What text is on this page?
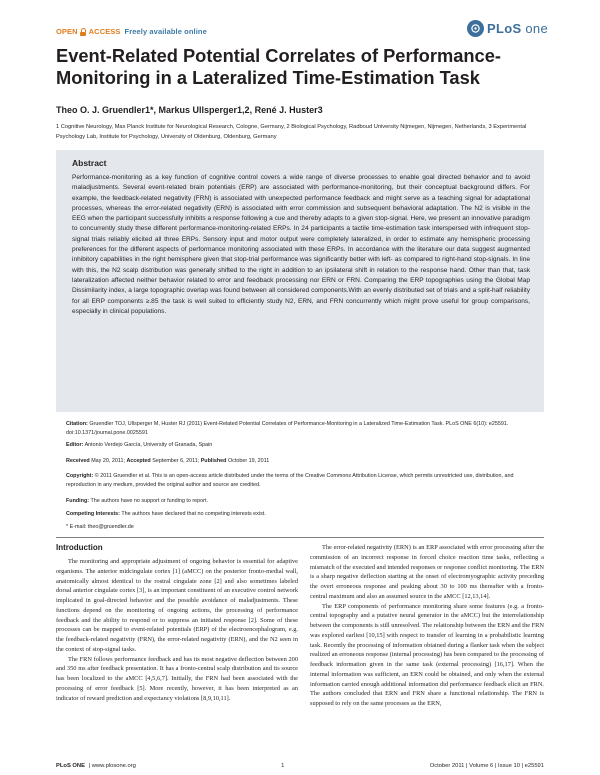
OPEN ACCESS Freely available online	PLoS one
Event-Related Potential Correlates of Performance-Monitoring in a Lateralized Time-Estimation Task
Theo O. J. Gruendler1*, Markus Ullsperger1,2, René J. Huster3
1 Cognitive Neurology, Max Planck Institute for Neurological Research, Cologne, Germany, 2 Biological Psychology, Radboud University Nijmegen, Nijmegen, Netherlands, 3 Experimental Psychology Lab, Institute for Psychology, University of Oldenburg, Oldenburg, Germany
Abstract

Performance-monitoring as a key function of cognitive control covers a wide range of diverse processes to enable goal directed behavior and to avoid maladjustments. Several event-related brain potentials (ERP) are associated with performance-monitoring, but their conceptual background differs. For example, the feedback-related negativity (FRN) is associated with unexpected performance feedback and might serve as a teaching signal for adaptational processes, whereas the error-related negativity (ERN) is associated with error commission and subsequent behavioral adaptation. The N2 is visible in the EEG when the participant successfully inhibits a response following a cue and thereby adapts to a given stop-signal. Here, we present an innovative paradigm to concurrently study these different performance-monitoring-related ERPs. In 24 participants a tactile time-estimation task interspersed with infrequent stop-signal trials reliably elicited all three ERPs. Sensory input and motor output were completely lateralized, in order to estimate any hemispheric processing preferences for the different aspects of performance monitoring associated with these ERPs. In accordance with the literature our data suggest augmented inhibitory capabilities in the right hemisphere given that stop-trial performance was significantly better with left- as compared to right-hand stop-signals. In line with this, the N2 scalp distribution was generally shifted to the right in addition to an ipsilateral shift in relation to the response hand. Other than that, task lateralization affected neither behavior related to error and feedback processing nor ERN or FRN. Comparing the ERP topographies using the Global Map Dissimilarity index, a large topographic overlap was found between all considered components.With an evenly distributed set of trials and a split-half reliability for all ERP components ≥.85 the task is well suited to efficiently study N2, ERN, and FRN concurrently which might prove useful for group comparisons, especially in clinical populations.

Citation: Gruendler TOJ, Ullsperger M, Huster RJ (2011) Event-Related Potential Correlates of Performance-Monitoring in a Lateralized Time-Estimation Task. PLoS ONE 6(10): e25591. doi:10.1371/journal.pone.0025591
Editor: Antonio Verdejo García, University of Granada, Spain
Received May 20, 2011; Accepted September 6, 2011; Published October 19, 2011
Copyright: © 2011 Gruendler et al. This is an open-access article distributed under the terms of the Creative Commons Attribution License, which permits unrestricted use, distribution, and reproduction in any medium, provided the original author and source are credited.
Funding: The authors have no support or funding to report.
Competing Interests: The authors have declared that no competing interests exist.
* E-mail: theo@gruendler.de
Introduction

The monitoring and appropriate adjustment of ongoing behavior is essential for adaptive organisms. The anterior midcingulate cortex [1] (aMCC) on the posterior fronto-medial wall, anatomically almost identical to the rostral cingulate zone [2] and also sometimes labeled dorsal anterior cingulate cortex [3], is an important constituent of an executive control network implicated in goal-directed behavior and the possible avoidance of maladjustments. These functions depend on the monitoring of ongoing actions, the processing of performance feedback and the ability to respond or to suppress an initiated response [2]. Some of these processes can be mapped to event-related potentials (ERP) of the electroencephalogram, e.g. the feedback-related negativity (FRN), the error-related negativity (ERN), and the N2 seen in the context of stop-signal tasks.

The FRN follows performance feedback and has its most negative deflection between 200 and 350 ms after feedback presentation. It has a fronto-central scalp distribution and its source has been localized to the aMCC [4,5,6,7]. Initially, the FRN had been associated with the processing of error feedback [5]. More recently, however, it has been interpreted as an indicator of reward prediction and expectancy violations [8,9,10,11].

The error-related negativity (ERN) is an ERP associated with error processing after the commission of an incorrect response in forced choice reaction time tasks, reflecting a mismatch of the executed and intended responses or response conflict monitoring. The ERN is a sharp negative deflection starting at the onset of electromyographic activity preceding the overt erroneous response and peaking about 30 to 100 ms thereafter with a fronto-central maximum and also an assumed source in the aMCC [12,13,14].

The ERP components of performance monitoring share some features (e.g. a fronto-central topography and a putative neural generator in the aMCC) but the interrelationship between the components is still unresolved. The relationship between the ERN and the FRN was explored earliest [10,15] with respect to transfer of learning in a probabilistic learning task. Recently the processing of information obtained during a flanker task when the subject realized an erroneous response (internal processing) has been compared to the processing of feedback information given in the same task (external processing) [16,17]. When the internal information was sufficient, an ERN could be obtained, and only when the external information carried enough additional information did performance feedback elicit an FRN. The authors concluded that ERN and FRN share a functional relationship. The FRN is supposed to rely on the same processes as the ERN,

PLoS ONE | www.plosone.org	1	October 2011 | Volume 6 | Issue 10 | e25591
